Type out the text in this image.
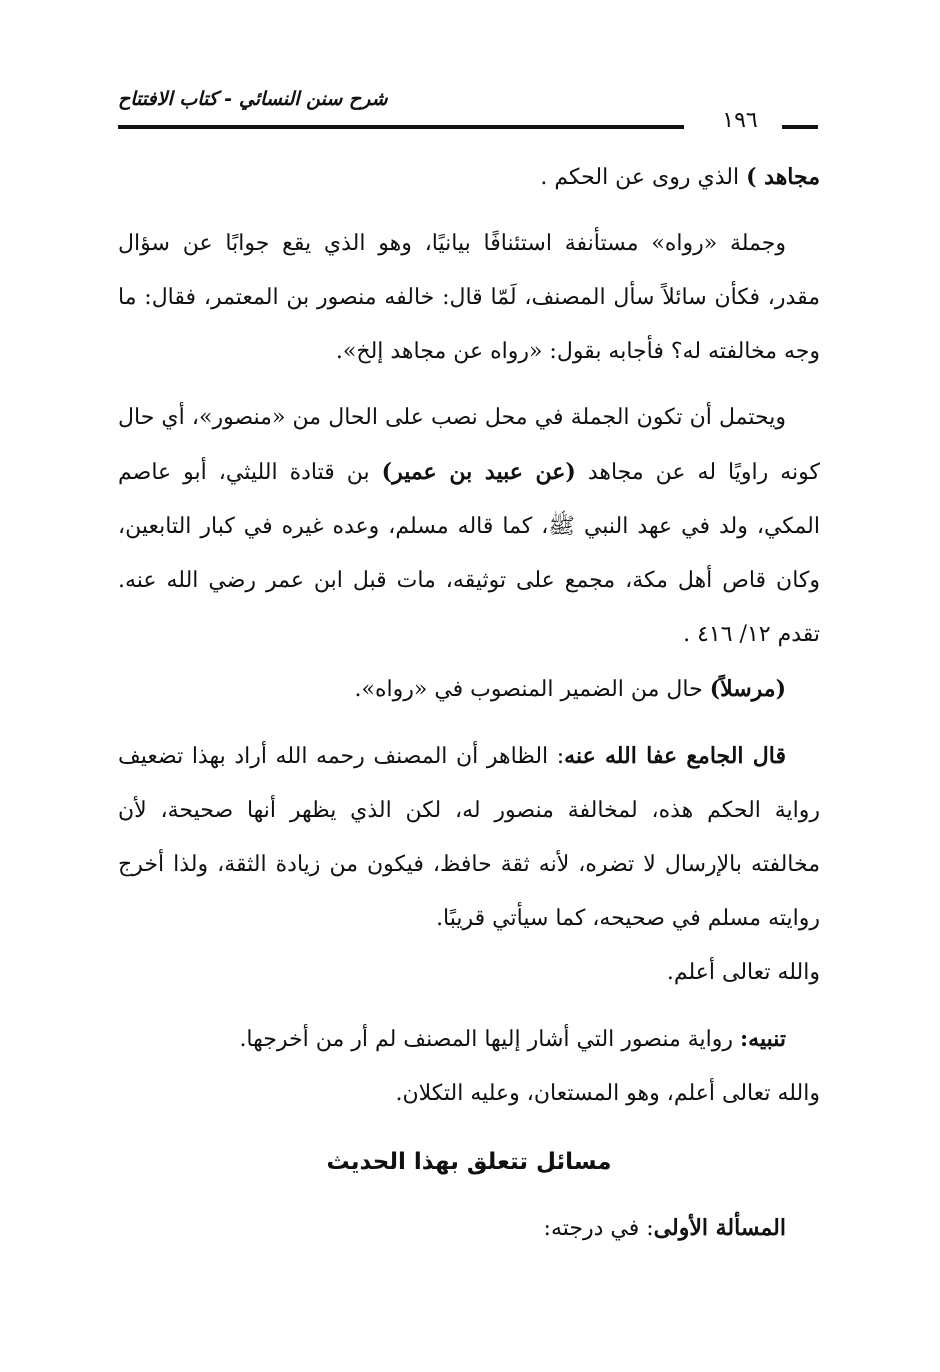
شرح سنن النسائي - كتاب الافتتاح
١٩٦

مجاهد ) الذي روى عن الحكم .

وجملة «رواه» مستأنفة استئنافًا بيانيًا، وهو الذي يقع جوابًا عن سؤال مقدر، فكأن سائلاً سأل المصنف، لَمّا قال: خالفه منصور بن المعتمر، فقال: ما وجه مخالفته له؟ فأجابه بقول: «رواه عن مجاهد إلخ».

ويحتمل أن تكون الجملة في محل نصب على الحال من «منصور»، أي حال كونه راويًا له عن مجاهد (عن عبيد بن عمير) بن قتادة الليثي، أبو عاصم المكي، ولد في عهد النبي ﷺ، كما قاله مسلم، وعده غيره في كبار التابعين، وكان قاص أهل مكة، مجمع على توثيقه، مات قبل ابن عمر رضي الله عنه. تقدم ١٢/ ٤١٦ .

(مرسلاً) حال من الضمير المنصوب في «رواه».

قال الجامع عفا الله عنه: الظاهر أن المصنف رحمه الله أراد بهذا تضعيف رواية الحكم هذه، لمخالفة منصور له، لكن الذي يظهر أنها صحيحة، لأن مخالفته بالإرسال لا تضره، لأنه ثقة حافظ، فيكون من زيادة الثقة، ولذا أخرج روايته مسلم في صحيحه، كما سيأتي قريبًا.

والله تعالى أعلم.

تنبيه: رواية منصور التي أشار إليها المصنف لم أر من أخرجها.

والله تعالى أعلم، وهو المستعان، وعليه التكلان.

مسائل تتعلق بهذا الحديث

المسألة الأولى: في درجته:
